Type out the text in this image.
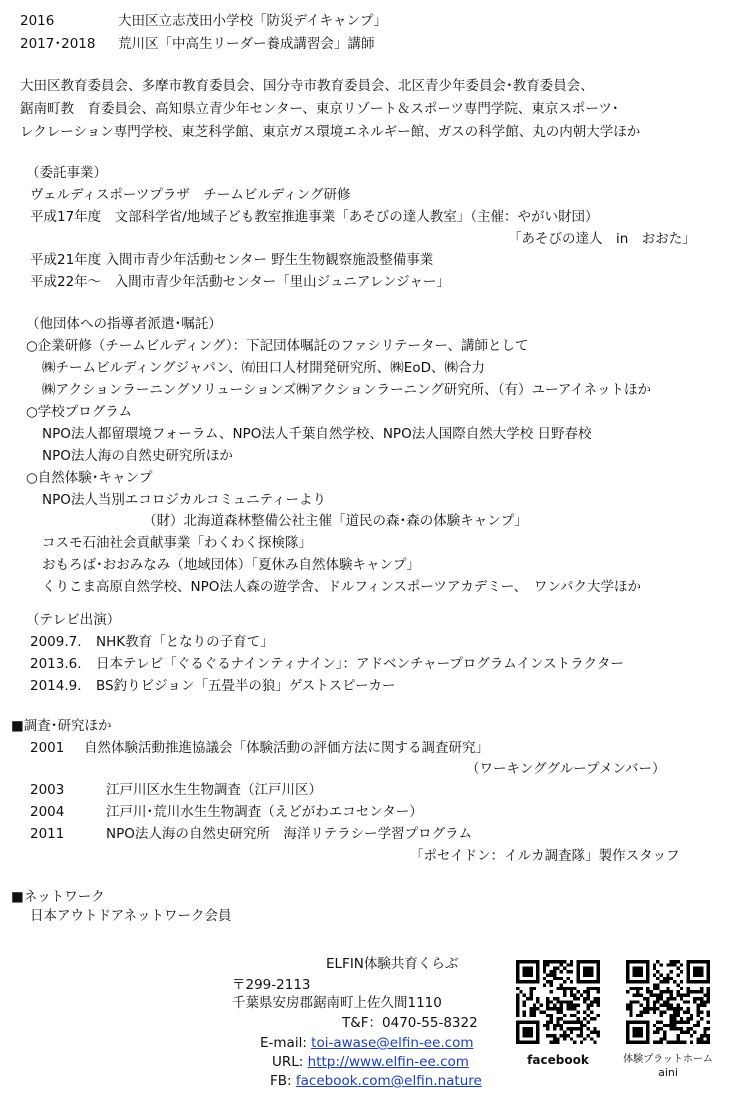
2016	大田区立志茂田小学校「防災デイキャンプ」
2017･2018 荒川区「中高生リーダー養成講習会」講師
大田区教育委員会、多摩市教育委員会、国分寺市教育委員会、北区青少年委員会･教育委員会、
鋸南町教　育委員会、高知県立青少年センター、東京リゾート＆スポーツ専門学院、東京スポーツ･
レクレーション専門学校、東芝科学館、東京ガス環境エネルギー館、ガスの科学館、丸の内朝大学ほか
（委託事業）
ヴェルディスポーツプラザ　チームビルディング研修
平成17年度　文部科学省/地域子ども教室推進事業「あそびの達人教室」（主催：やがい財団）
「あそびの達人　in　おおた」
平成21年度 入間市青少年活動センター 野生生物観察施設整備事業
平成22年～　入間市青少年活動センター「里山ジュニアレンジャー」
（他団体への指導者派遣･嘱託）
○企業研修（チームビルディング）：下記団体嘱託のファシリテーター、講師として
㈱チームビルディングジャパン、㈲田口人材開発研究所、㈱EoD、㈱合力
㈱アクションラーニングソリューションズ㈱アクションラーニング研究所、（有）ユーアイネットほか
○学校プログラム
NPO法人都留環境フォーラム、NPO法人千葉自然学校、NPO法人国際自然大学校 日野春校
NPO法人海の自然史研究所ほか
○自然体験･キャンプ
NPO法人当別エコロジカルコミュニティーより
（財）北海道森林整備公社主催「道民の森･森の体験キャンプ」
コスモ石油社会貢献事業「わくわく探検隊」
おもろば･おおみなみ（地域団体）「夏休み自然体験キャンプ」
くりこま高原自然学校、NPO法人森の遊学舎、ドルフィンスポーツアカデミー、　ワンパク大学ほか
（テレビ出演）
2009.7. NHK教育「となりの子育て」
2013.6. 日本テレビ「ぐるぐるナインティナイン」：アドベンチャープログラムインストラクター
2014.9. BS釣りビジョン「五畳半の狼」ゲストスピーカー
■調査･研究ほか
2001 自然体験活動推進協議会「体験活動の評価方法に関する調査研究」
（ワーキンググループメンバー）
2003	江戸川区水生生物調査（江戸川区）
2004	江戸川･荒川水生生物調査（えどがわエコセンター）
2011	NPO法人海の自然史研究所　海洋リテラシー学習プログラム
「ポセイドン：イルカ調査隊」製作スタッフ
■ネットワーク
日本アウトドアネットワーク会員
ELFIN体験共育くらぶ
〒299-2113
千葉県安房郡鋸南町上佐久間1110
T&F：0470-55-8322
E-mail: toi-awase@elfin-ee.com
URL: http://www.elfin-ee.com
FB: facebook.com@elfin.nature
facebook	体験プラットホーム
aini
